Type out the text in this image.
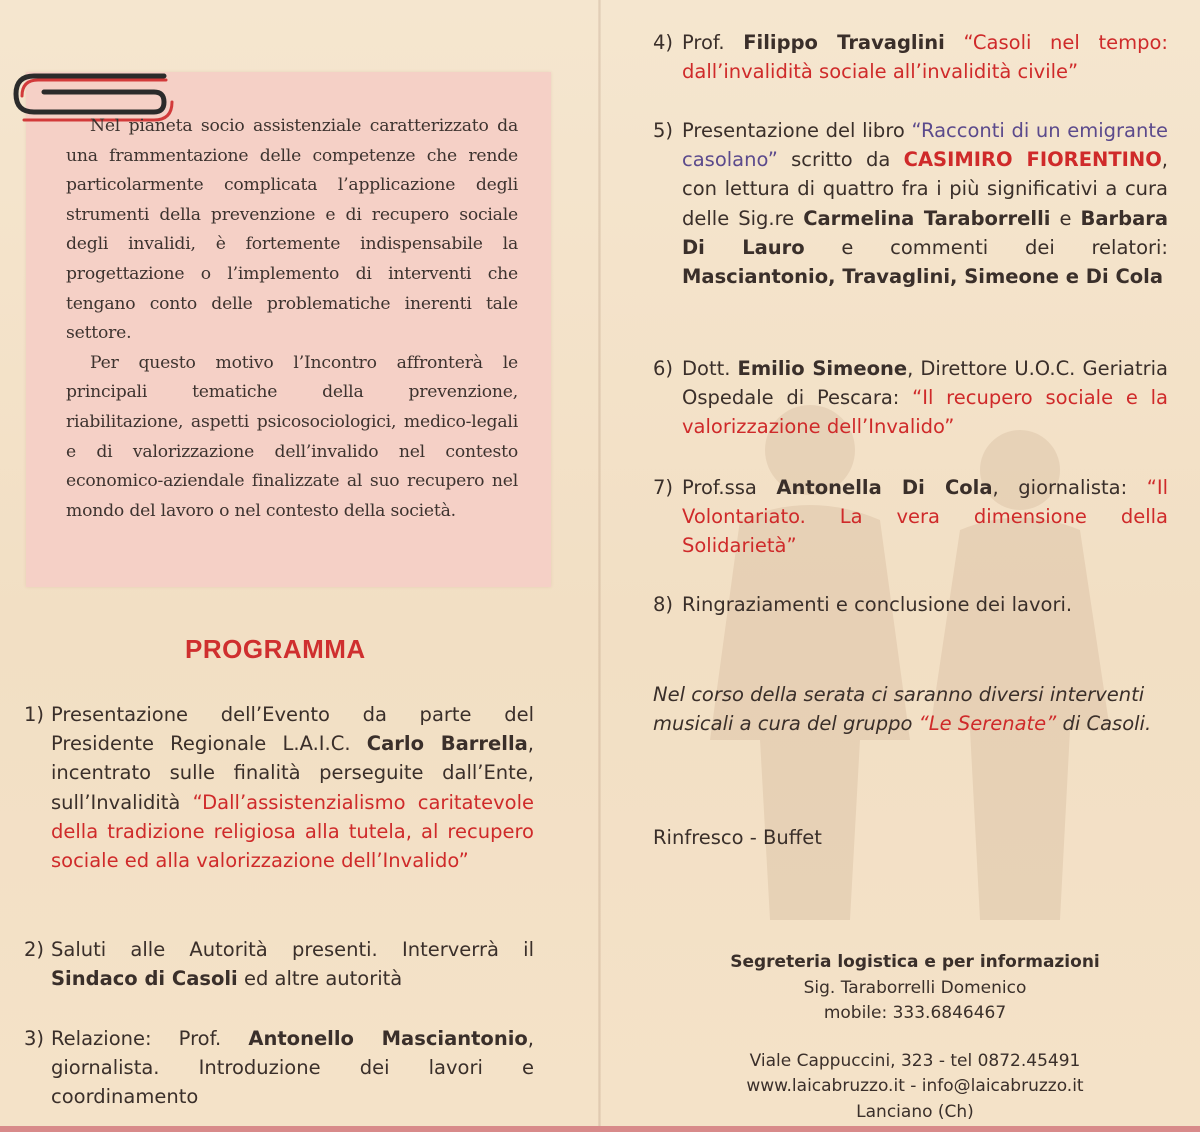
Nel pianeta socio assistenziale caratterizzato da una frammentazione delle competenze che rende particolarmente complicata l’applicazione degli strumenti della prevenzione e di recupero sociale degli invalidi, è fortemente indispensabile la progettazione o l’implemento di interventi che tengano conto delle problematiche inerenti tale settore.

Per questo motivo l’Incontro affronterà le principali tematiche della prevenzione, riabilitazione, aspetti psicosociologici, medico-legali e di valorizzazione dell’invalido nel contesto economico-aziendale finalizzate al suo recupero nel mondo del lavoro o nel contesto della società.

PROGRAMMA
1) Presentazione dell’Evento da parte del Presidente Regionale L.A.I.C. Carlo Barrella, incentrato sulle finalità perseguite dall’Ente, sull’Invalidità “Dall’assistenzialismo caritatevole della tradizione religiosa alla tutela, al recupero sociale ed alla valorizzazione dell’Invalido”
2) Saluti alle Autorità presenti. Interverrà il Sindaco di Casoli ed altre autorità
3) Relazione: Prof. Antonello Masciantonio, giornalista. Introduzione dei lavori e coordinamento
4) Prof. Filippo Travaglini “Casoli nel tempo: dall’invalidità sociale all’invalidità civile”
5) Presentazione del libro “Racconti di un emigrante casolano” scritto da CASIMIRO FIORENTINO, con lettura di quattro fra i più significativi a cura delle Sig.re Carmelina Taraborrelli e Barbara Di Lauro e commenti dei relatori: Masciantonio, Travaglini, Simeone e Di Cola
6) Dott. Emilio Simeone, Direttore U.O.C. Geriatria Ospedale di Pescara: “Il recupero sociale e la valorizzazione dell’Invalido”
7) Prof.ssa Antonella Di Cola, giornalista: “Il Volontariato. La vera dimensione della Solidarietà”
8) Ringraziamenti e conclusione dei lavori.
Nel corso della serata ci saranno diversi interventi musicali a cura del gruppo “Le Serenate” di Casoli.
Rinfresco - Buffet
Segreteria logistica e per informazioni
Sig. Taraborrelli Domenico
mobile: 333.6846467
Viale Cappuccini, 323 - tel 0872.45491
www.laicabruzzo.it - info@laicabruzzo.it
Lanciano (Ch)
